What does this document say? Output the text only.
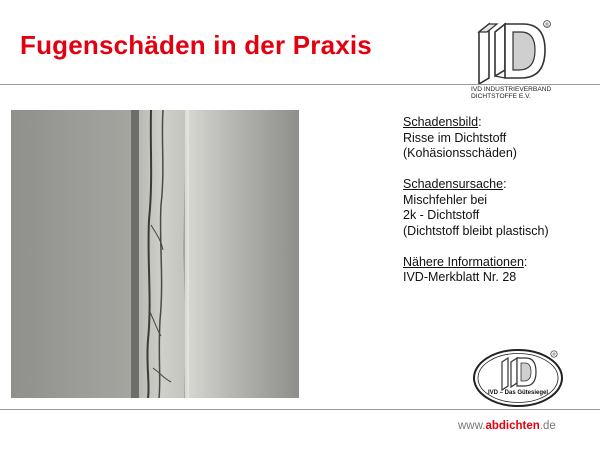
Fugenschäden in der Praxis
®
IVD INDUSTRIEVERBAND
DICHTSTOFFE E.V.
Schadensbild:
Risse im Dichtstoff
(Kohäsionsschäden)
Schadensursache:
Mischfehler bei
2k - Dichtstoff
(Dichtstoff bleibt plastisch)
Nähere Informationen:
IVD-Merkblatt Nr. 28
®
IVD – Das Gütesiegel
www.abdichten.de
